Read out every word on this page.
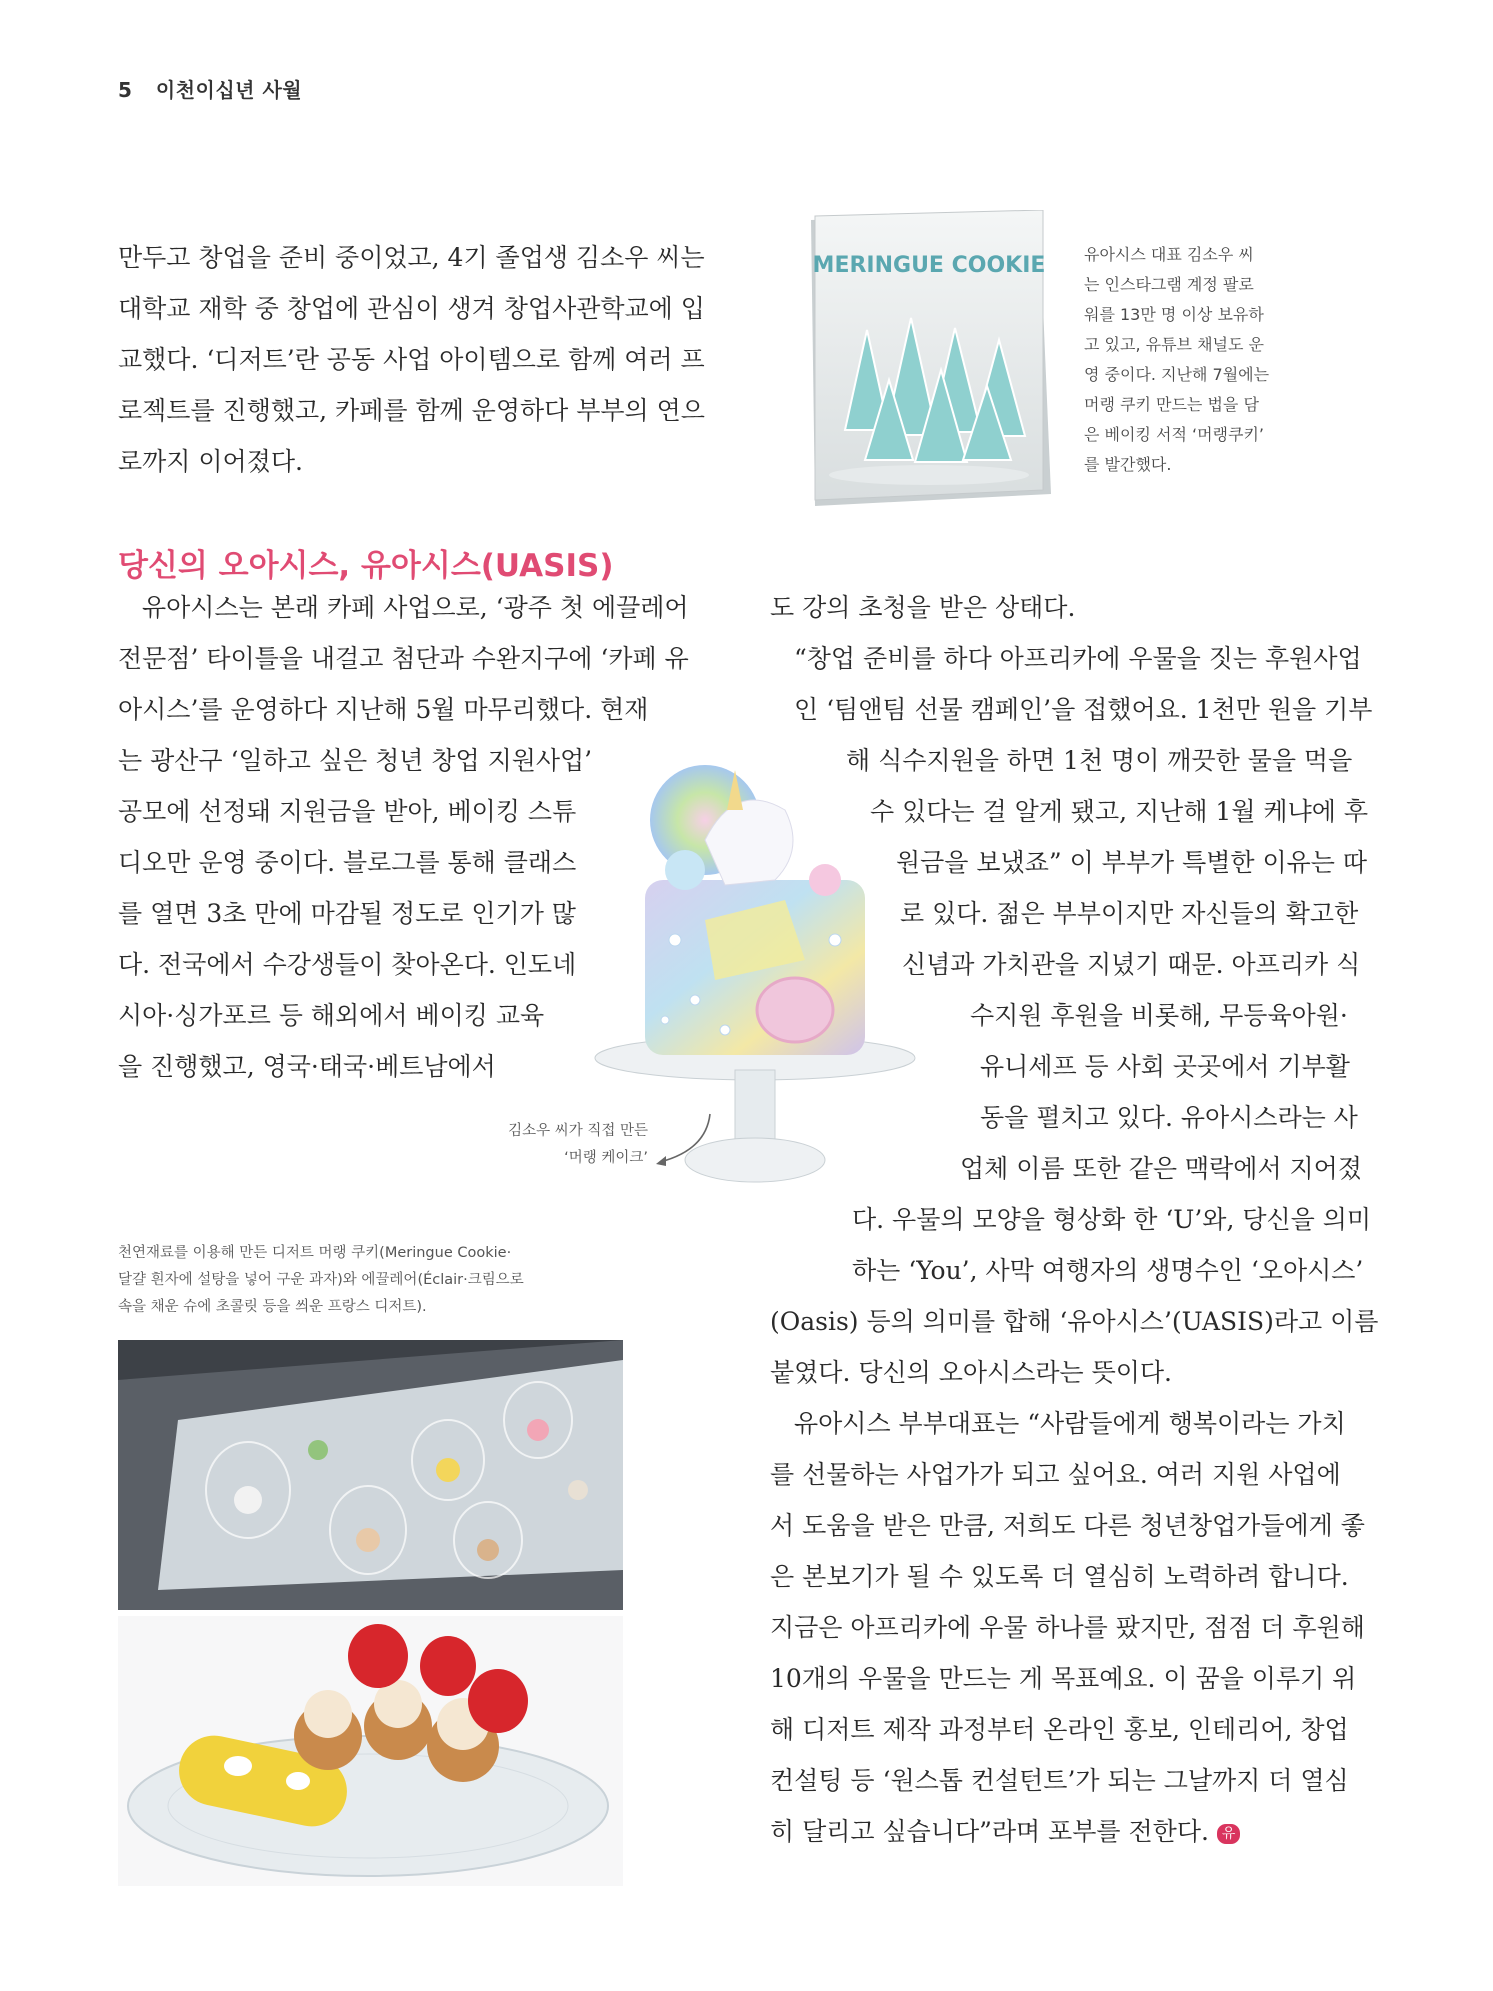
5 이천이십년 사월
만두고 창업을 준비 중이었고, 4기 졸업생 김소우 씨는
대학교 재학 중 창업에 관심이 생겨 창업사관학교에 입
교했다. ‘디저트’란 공동 사업 아이템으로 함께 여러 프
로젝트를 진행했고, 카페를 함께 운영하다 부부의 연으
로까지 이어졌다.
MERINGUE COOKIE 유아시스 대표 김소우 씨
는 인스타그램 계정 팔로
워를 13만 명 이상 보유하
고 있고, 유튜브 채널도 운
영 중이다. 지난해 7월에는
머랭 쿠키 만드는 법을 담
은 베이킹 서적 ‘머랭쿠키’
를 발간했다.
당신의 오아시스, 유아시스(UASIS)
유아시스는 본래 카페 사업으로, ‘광주 첫 에끌레어
전문점’ 타이틀을 내걸고 첨단과 수완지구에 ‘카페 유
아시스’를 운영하다 지난해 5월 마무리했다. 현재
는 광산구 ‘일하고 싶은 청년 창업 지원사업’
공모에 선정돼 지원금을 받아, 베이킹 스튜
디오만 운영 중이다. 블로그를 통해 클래스
를 열면 3초 만에 마감될 정도로 인기가 많
다. 전국에서 수강생들이 찾아온다. 인도네
시아·싱가포르 등 해외에서 베이킹 교육
을 진행했고, 영국·태국·베트남에서
김소우 씨가 직접 만든
‘머랭 케이크’
도 강의 초청을 받은 상태다.
“창업 준비를 하다 아프리카에 우물을 짓는 후원사업
인 ‘팀앤팀 선물 캠페인’을 접했어요. 1천만 원을 기부
해 식수지원을 하면 1천 명이 깨끗한 물을 먹을
수 있다는 걸 알게 됐고, 지난해 1월 케냐에 후
원금을 보냈죠” 이 부부가 특별한 이유는 따
로 있다. 젊은 부부이지만 자신들의 확고한
신념과 가치관을 지녔기 때문. 아프리카 식
수지원 후원을 비롯해, 무등육아원·
유니세프 등 사회 곳곳에서 기부활
동을 펼치고 있다. 유아시스라는 사
업체 이름 또한 같은 맥락에서 지어졌
다. 우물의 모양을 형상화 한 ‘U’와, 당신을 의미
하는 ‘You’, 사막 여행자의 생명수인 ‘오아시스’
(Oasis) 등의 의미를 합해 ‘유아시스’(UASIS)라고 이름
붙였다. 당신의 오아시스라는 뜻이다.
유아시스 부부대표는 “사람들에게 행복이라는 가치
를 선물하는 사업가가 되고 싶어요. 여러 지원 사업에
서 도움을 받은 만큼, 저희도 다른 청년창업가들에게 좋
은 본보기가 될 수 있도록 더 열심히 노력하려 합니다.
지금은 아프리카에 우물 하나를 팠지만, 점점 더 후원해
10개의 우물을 만드는 게 목표예요. 이 꿈을 이루기 위
해 디저트 제작 과정부터 온라인 홍보, 인테리어, 창업
컨설팅 등 ‘원스톱 컨설턴트’가 되는 그날까지 더 열심
히 달리고 싶습니다”라며 포부를 전한다. 유
천연재료를 이용해 만든 디저트 머랭 쿠키(Meringue Cookie·
달걀 흰자에 설탕을 넣어 구운 과자)와 에끌레어(Éclair·크림으로
속을 채운 슈에 초콜릿 등을 씌운 프랑스 디저트).
